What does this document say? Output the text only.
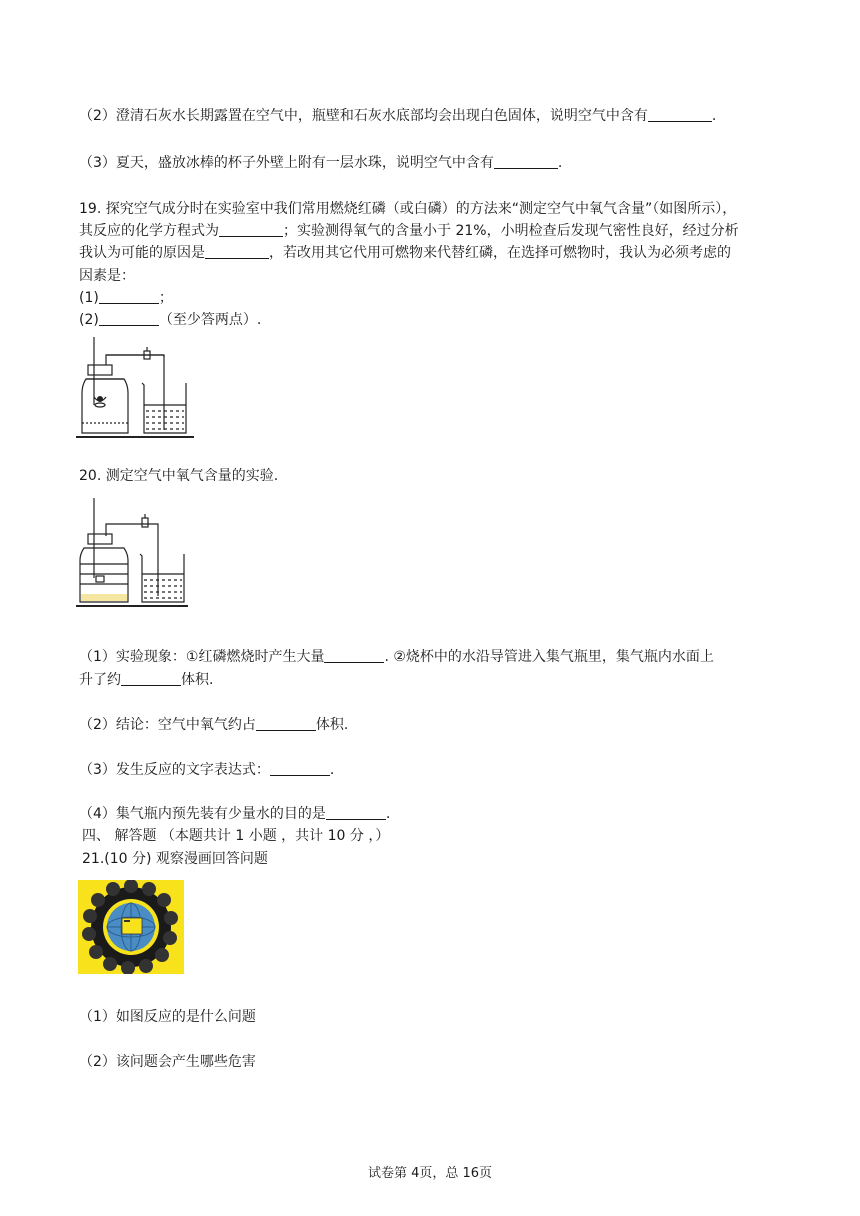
（2）澄清石灰水长期露置在空气中，瓶壁和石灰水底部均会出现白色固体，说明空气中含有	.
（3）夏天，盛放冰棒的杯子外壁上附有一层水珠，说明空气中含有	.
19. 探究空气成分时在实验室中我们常用燃烧红磷（或白磷）的方法来“测定空气中氧气含量”（如图所示），
其反应的化学方程式为	；实验测得氧气的含量小于 21%，小明检查后发现气密性良好，经过分析
我认为可能的原因是	，若改用其它代用可燃物来代替红磷，在选择可燃物时，我认为必须考虑的
因素是：
(1)	；
(2)	（至少答两点）.
20. 测定空气中氧气含量的实验.
（1）实验现象：①红磷燃烧时产生大量	. ②烧杯中的水沿导管进入集气瓶里，集气瓶内水面上
升了约	体积.
（2）结论：空气中氧气约占	体积.
（3）发生反应的文字表达式：	.
（4）集气瓶内预先装有少量水的目的是	.
四、 解答题 （本题共计 1 小题 ，共计 10 分 ，）
21.(10 分) 观察漫画回答问题
（1）如图反应的是什么问题
（2）该问题会产生哪些危害
试卷第 4页，总 16页
